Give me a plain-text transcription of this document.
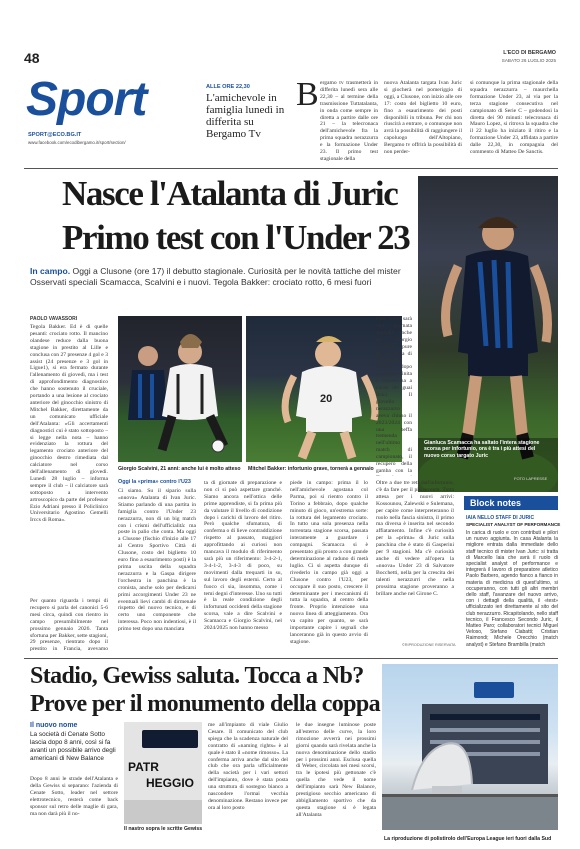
48	L'ECO DI BERGAMO
SABATO 26 LUGLIO 2025
Sport
SPORT@ECO.BG.IT
www.facebook.com/ecodibergamo.it/sport/section/
ALLE ORE 22,30
L'amichevole in famiglia lunedì in differita su Bergamo Tv
B ergamo tv trasmetterà in differita lunedì sera alle 22,30 – al termine della trasmissione Tuttatalanta, in onda come sempre in diretta a partire dalle ore 21 – la telecronaca dell'amichevole fra la prima squadra nerazzurra e la formazione Under 23. Il primo test stagionale della
nuova Atalanta targata Ivan Juric si giocherà nel pomeriggio di oggi, a Clusone, con inizio alle ore 17: costo del biglietto 10 euro, fino a esaurimento dei posti disponibili in tribuna. Per chi non riuscirà a entrare, o comunque non avrà la possibilità di raggiungere il capoluogo dell'Altopiano, Bergamo tv offrirà la possibilità di non perder-
si comunque la prima stagionale della squadra nerazzurra – maurchella formazione Under 23, al via per la terza stagione consecutiva nel campionato di Serie C – godendosi la diretta dei 90 minuti: telecronaca di Mauro Lopez, si ritrova la squadra che il 22 luglio ha iniziato il ritiro e la formazione Under 23, affidata a partire dalle 22,30, in compagnia del commento di Matteo De Sanctis.
Nasce l'Atalanta di Juric
Primo test con l'Under 23
In campo. Oggi a Clusone (ore 17) il debutto stagionale. Curiosità per le novità tattiche del mister Osservati speciali Scamacca, Scalvini e i nuovi. Tegola Bakker: crociato rotto, 6 mesi fuori
Gianluca Scamacca ha saltato l'intera stagione scorsa per infortunio, ora è tra i più attesi del nuovo corso targato Juric
FOTO LAPRESSE
PAOLO VAVASSORI
Tegola Bakker. Ed è di quelle pesanti: crociato rotto. Il mancino olandese reduce dalla buona stagione in prestito al Lille e conclusa con 27 presenze 4 gol e 3 assist (24 presenze e 3 gol in Ligue1), si era fermato durante l'allenamento di giovedì, ma i test di approfondimento diagnostico che hanno sostenuto il cruciale, portando a una lesione al crociato anteriore del ginocchio sinistro di Mitchel Bakker, direttamente da un comunicato ufficiale dell'Atalanta: «Gli accertamenti diagnostici cui è stato sottoposto – si legge nella nota – hanno evidenziato la rottura del legamento crociato anteriore del ginocchio destro rimediata dal calciatore nel corso dell'allenamento di giovedì. Lunedì 28 luglio – informa sempre il club – il calciatore sarà sottoposto a intervento artroscopico da parte del professor Ezio Adriani presso il Policlinico Universitario Agostino Gemelli Irccs di Roma».
Per quanto riguarda i tempi di recupero si parla del canonici 5-6 mesi circa, quindi con rientro in campo presumibilmente nel prossimo gennaio 2026. Tanta sfortuna per Bakker, sette stagioni, 29 presenze, rientrato dopo il prestito in Francia, avevamo
20
Giorgio Scalvini, 21 anni: anche lui è molto atteso Mitchel Bakker: infortunio grave, tornerà a gennaio
Oggi la «prima» contro l'U23
Ci siamo. Su il sipario sulla «nuova» Atalanta di Ivan Juric. Stiamo parlando di una partita in famiglia contro l'Under 23 nerazzurra, non di un big match con i crismi dell'ufficialità: ma poste in palio che conta. Ma oggi a Clusone (fischio d'inizio alle 17 al Centro Sportivo Città di Clusone, costo del biglietto 10 euro fino a esaurimento posti) è la prima uscita della squadra nerazzurra e la Gaspa dirigere l'orchestra in panchina è la cronista, anche solo per dedicarsi primi accorgimenti Under 23 ne eventuali lievi cambi di dirmenale rispetto del nuovo tecnico, e di certo uno componente che interessa. Poco non indentiosi, è il primo test dopo una manciata
ta di giornate di preparazione e non ci si può aspettare granché. Siamo ancora nell'ottica delle prime apprendiste, si fa prima più da valutare il livello di condizione dopo i carichi di lavoro del ritiro. Però qualche sfumatura, di conferma o di lieve contraddizione rispetto al passato, maggiori approfittando ai curiosi non mancava il modulo di riferimento sarà più un riferimento: 3-4-2-1, 3-4-1-2, 3-4-3 di poco, su movimenti dalla trequarti in su, sul lavoro degli esterni. Certo al fuoco ci sia, insomma, come i temi degni d'interesse. Uno su tutti è la reale condizione degli infortunati occidenti della stagione scorsa, vale a dire Scalvini e Scamacca e Giorgio Scalvini, nel 2024/2025 non hanno messo
piede in campo: prima il lo nell'amichevole agostana col Parma, poi si rientro contro il Torino a febbraio, dopo qualche minuto di gioco, un'estrema sorte: la rottura del legamento crociato. In tutto una sola presenza nella torrentata stagione scorsa, passata interamente a guardare i compagni. Scamacca si è presentato giù pronto a con grande determinazione al raduno di metà luglio. Ci si aspetta dunque di rivederlo in campo già oggi a Clusone contro l'U23, per occupare il suo posto, crescere il determinante per i meccanismi di tutta la squadra, al centro della fronte. Proprio intenzione una nuova linea di atteggiamento. Ora va capito per quanto, se sarà importante capire i segnali che lanceranno già in questo avvio di stagione.
Così come sarà una giornata speciale anche per Giorgio Scalvini, pure lui in cerca di immediato rilancio dopo un'annata finita e burrascosa a causa dei guai fisici. Il giovello nerazzurro aveva chiuso il 2023/2024 con una beffa tremenda nell'ultimo match di campionato, il recupero della gamba con la
Oltre a due tre reti dall'infortunio, c'è da fare per il più recente. Tutta attesa per i nuovi arrivi: Kossounou, Zalewski e Sulemana, per capire come interpreteranno il ruolo nella fascia sinistra, il primo ma diversa è inserita nel secondo affiatamento. Infine c'è curiosità per la «prima» di Juric sulla panchina che è stato di Gasperini per 9 stagioni. Ma c'è curiosità anche di vedere all'opera la «nuova» Under 23 di Salvatore Bocchetti, nella per la crescita dei talenti nerazzurri che nella prossima stagione proveranno a brillare anche nel Girone C.
©RIPRODUZIONE RISERVATA
Block notes
IAIA NELLO STAFF DI JURIC
SPECIALIST ANALYST OF PERFORMANCE
In carica di ruolo e con contributi e pilori un nuovo aggiunta. In casa Atalanta la migliore entrata dalla immediate dello staff tecnico di mister Ivan Juric: si tratta di Marcello Iaia che avrà il ruolo di specialist analyst of performance e integrerà il lavoro di preparatore atletico Paolo Barbero, agendo fianco a fianco in materia di medicina di quest'ultimo, si occuperanno, con tutti gli altri membri dello staff, l'avanzare del nuovo arrivo, con i dettagli della qualità, il «test» ufficializzato ieri direttamente al sito del club nerazzurro. Ricapitolando, nello staff tecnico, il Francesco Secondo Juric, il Matteo Paro; collaboratori tecnici Miguel Veloso, Stefano Ciabatti; Cristian Raimondi; Michele Orecchio (match analyst) e Stefano Brambilla (match
Stadio, Gewiss saluta. Tocca a Nb?
Prove per il monumento della coppa
Il nuovo nome
La società di Cenate Sotto lascia dopo 8 anni, così si fa avanti un possibile arrivo degli americani di New Balance
Dopo 8 anni le strade dell'Atalanta e della Gewiss si separano: l'azienda di Cenate Sotto, leader nel settore elettrotecnico, resterà come back sponsor sul retro delle maglie di gara, ma non darà più il no-
PATR
HEGGIO
Il nastro sopra le scritte Gewiss
me all'impianto di viale Giulio Cesare. Il comunicato del club spiega che la scadenza naturale del contratto di «naming rights» è al quale è stato il «nome rimosso». La conferma arriva anche dal sito del club che ora parla ufficialmente della società per i vari settori dell'impianto, dove è stata posta una struttura di sostegno bianco a nascondere l'ormai vecchia denominazione. Restano invece per ora al loro posto
le due insegne luminose poste all'esterno delle curve, la loro rimozione avverrà nei prossimi giorni quando sarà rivelata anche la nuova denominazione dello stadio per i prossimi anni. Esclusa quella di Weber, circolata nei mesi scorsi, tra le ipotesi più gettonate c'è quella che vede il nome dell'impianto sarà New Balance, prestigioso secchio americano di abbigliamento sportivo che da questa stagione si è legata all'Atalanta
La riproduzione di polistirolo dell'Europa League ieri fuori dalla Sud
